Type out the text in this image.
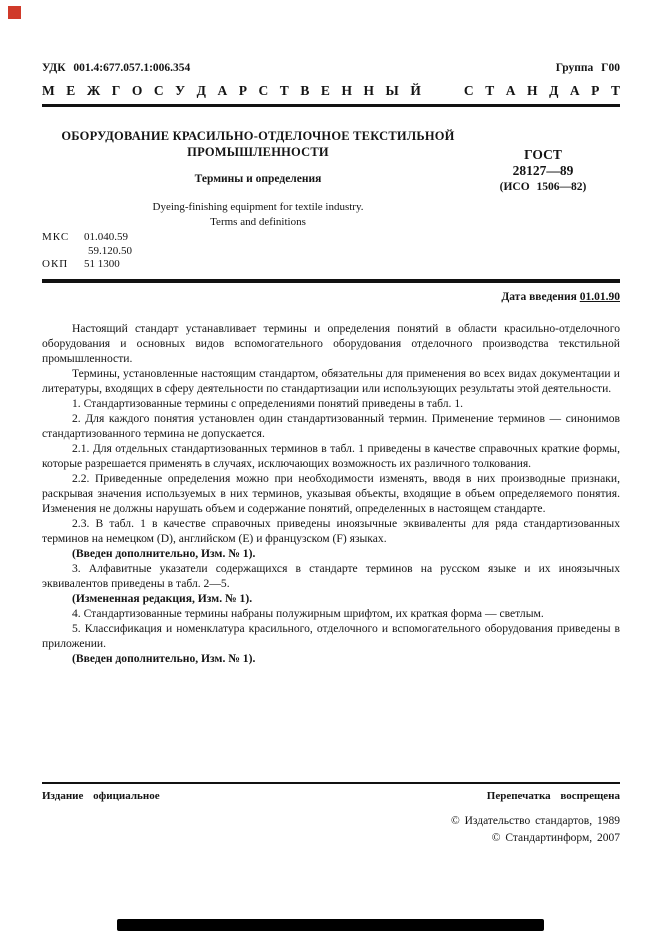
УДК 001.4:677.057.1:006.354	Группа Г00
М Е Ж Г О С У Д А Р С Т В Е Н Н Ы Й
	С Т А Н Д А Р Т
ОБОРУДОВАНИЕ КРАСИЛЬНО-ОТДЕЛОЧНОЕ ТЕКСТИЛЬНОЙ ПРОМЫШЛЕННОСТИ
Термины и определения
Dyeing-finishing equipment for textile industry.
Terms and definitions
ГОСТ
28127—89
(ИСО 1506—82)
МКС	01.040.59
59.120.50
ОКП	51 1300
Дата введения 01.01.90

Настоящий стандарт устанавливает термины и определения понятий в области красильно-отделочного оборудования и основных видов вспомогательного оборудования отделочного производства текстильной промышленности.

Термины, установленные настоящим стандартом, обязательны для применения во всех видах документации и литературы, входящих в сферу деятельности по стандартизации или использующих результаты этой деятельности.

1. Стандартизованные термины с определениями понятий приведены в табл. 1.

2. Для каждого понятия установлен один стандартизованный термин. Применение терминов — синонимов стандартизованного термина не допускается.

2.1. Для отдельных стандартизованных терминов в табл. 1 приведены в качестве справочных краткие формы, которые разрешается применять в случаях, исключающих возможность их различного толкования.

2.2. Приведенные определения можно при необходимости изменять, вводя в них производные признаки, раскрывая значения используемых в них терминов, указывая объекты, входящие в объем определяемого понятия. Изменения не должны нарушать объем и содержание понятий, определенных в настоящем стандарте.

2.3. В табл. 1 в качестве справочных приведены иноязычные эквиваленты для ряда стандартизованных терминов на немецком (D), английском (E) и французском (F) языках.

(Введен дополнительно, Изм. № 1).

3. Алфавитные указатели содержащихся в стандарте терминов на русском языке и их иноязычных эквивалентов приведены в табл. 2—5.

(Измененная редакция, Изм. № 1).

4. Стандартизованные термины набраны полужирным шрифтом, их краткая форма — светлым.

5. Классификация и номенклатура красильного, отделочного и вспомогательного оборудования приведены в приложении.

(Введен дополнительно, Изм. № 1).

Издание официальное	Перепечатка воспрещена
© Издательство стандартов, 1989
© Стандартинформ, 2007
